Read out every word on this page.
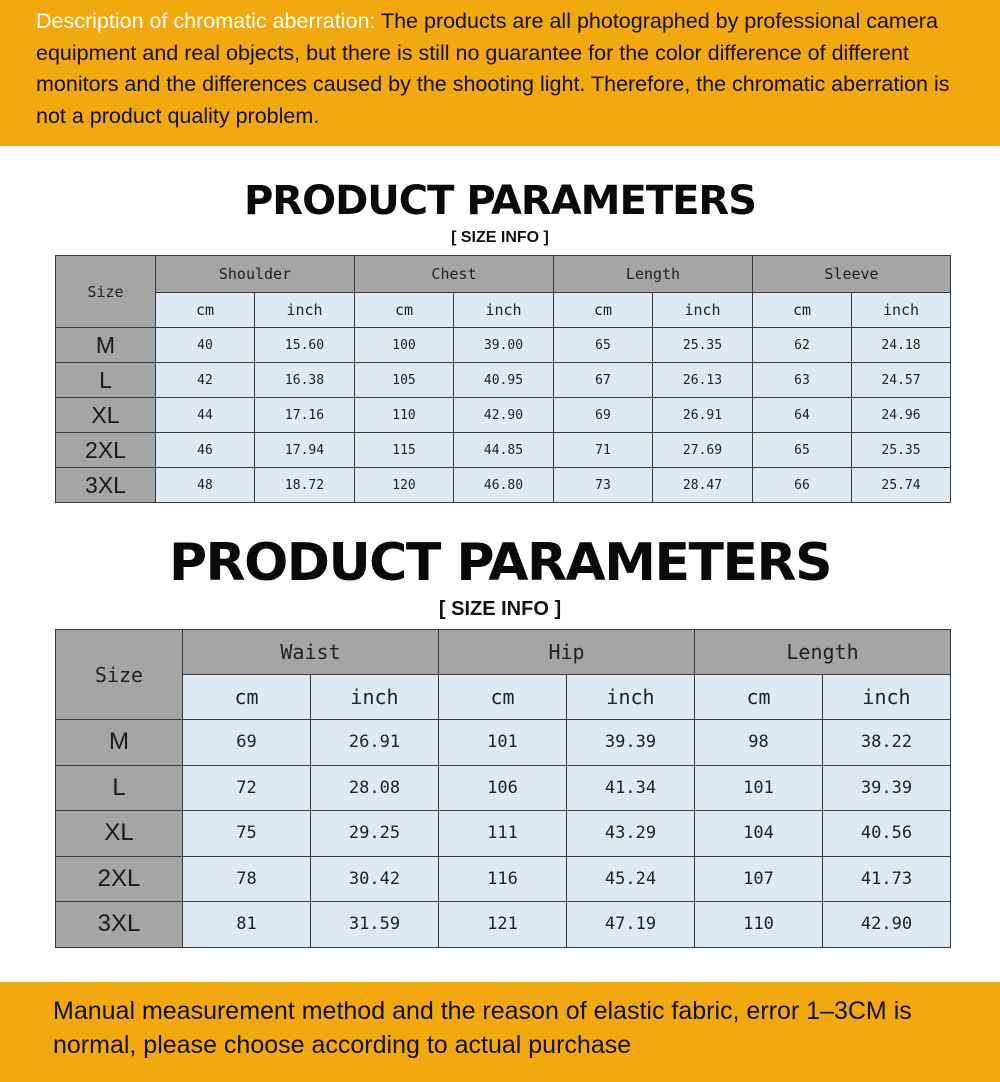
Description of chromatic aberration: The products are all photographed by professional camera equipment and real objects, but there is still no guarantee for the color difference of different monitors and the differences caused by the shooting light. Therefore, the chromatic aberration is not a product quality problem.
PRODUCT PARAMETERS
[ SIZE INFO ]
Size	Shoulder		Chest		Length		Sleeve	
	cm	inch	cm	inch	cm	inch	cm	inch
M	40	15.60	100	39.00	65	25.35	62	24.18
L	42	16.38	105	40.95	67	26.13	63	24.57
XL	44	17.16	110	42.90	69	26.91	64	24.96
2XL	46	17.94	115	44.85	71	27.69	65	25.35
3XL	48	18.72	120	46.80	73	28.47	66	25.74
PRODUCT PARAMETERS
[ SIZE INFO ]
Size	Waist		Hip		Length	
	cm	inch	cm	inch	cm	inch
M	69	26.91	101	39.39	98	38.22
L	72	28.08	106	41.34	101	39.39
XL	75	29.25	111	43.29	104	40.56
2XL	78	30.42	116	45.24	107	41.73
3XL	81	31.59	121	47.19	110	42.90
Manual measurement method and the reason of elastic fabric, error 1–3CM is normal, please choose according to actual purchase
